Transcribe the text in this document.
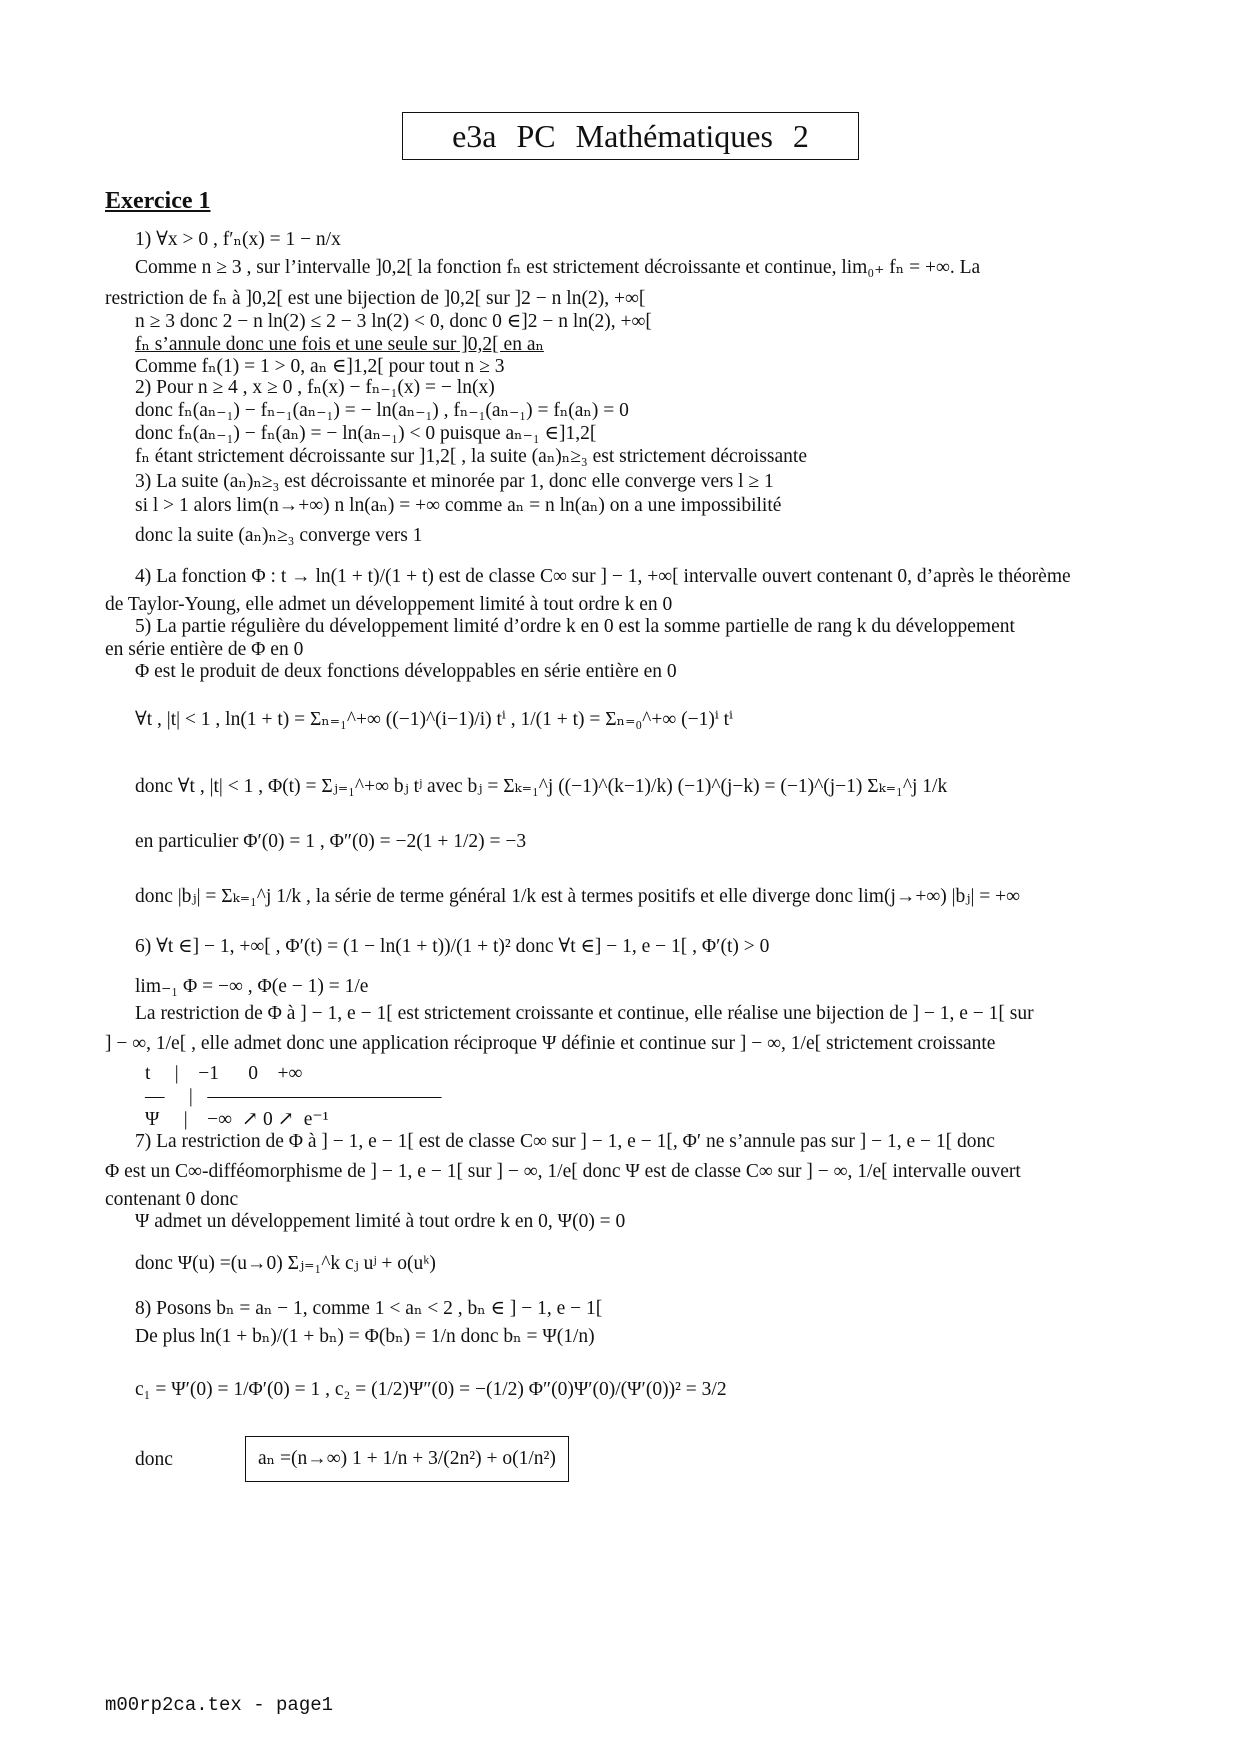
e3a PC Mathématiques 2
Exercice 1
1) ∀x > 0 , f′ₙ(x) = 1 − n/x
Comme n ≥ 3 , sur l’intervalle ]0,2[ la fonction fₙ est strictement décroissante et continue, lim₀₊ fₙ = +∞. La
restriction de fₙ à ]0,2[ est une bijection de ]0,2[ sur ]2 − n ln(2), +∞[
n ≥ 3 donc 2 − n ln(2) ≤ 2 − 3 ln(2) < 0, donc 0 ∈]2 − n ln(2), +∞[
fₙ s’annule donc une fois et une seule sur ]0,2[ en aₙ
Comme fₙ(1) = 1 > 0, aₙ ∈]1,2[ pour tout n ≥ 3
2) Pour n ≥ 4 , x ≥ 0 , fₙ(x) − fₙ₋₁(x) = − ln(x)
donc fₙ(aₙ₋₁) − fₙ₋₁(aₙ₋₁) = − ln(aₙ₋₁) , fₙ₋₁(aₙ₋₁) = fₙ(aₙ) = 0
donc fₙ(aₙ₋₁) − fₙ(aₙ) = − ln(aₙ₋₁) < 0 puisque aₙ₋₁ ∈]1,2[
fₙ étant strictement décroissante sur ]1,2[ , la suite (aₙ)ₙ≥₃ est strictement décroissante
3) La suite (aₙ)ₙ≥₃ est décroissante et minorée par 1, donc elle converge vers l ≥ 1
si l > 1 alors lim(n→+∞) n ln(aₙ) = +∞ comme aₙ = n ln(aₙ) on a une impossibilité
donc la suite (aₙ)ₙ≥₃ converge vers 1
4) La fonction Φ : t → ln(1 + t)/(1 + t) est de classe C∞ sur ] − 1, +∞[ intervalle ouvert contenant 0, d’après le théorème
de Taylor-Young, elle admet un développement limité à tout ordre k en 0
5) La partie régulière du développement limité d’ordre k en 0 est la somme partielle de rang k du développement
en série entière de Φ en 0
Φ est le produit de deux fonctions développables en série entière en 0
∀t , |t| < 1 , ln(1 + t) = Σₙ₌₁^+∞ ((−1)^(i−1)/i) tⁱ , 1/(1 + t) = Σₙ₌₀^+∞ (−1)ⁱ tⁱ
donc ∀t , |t| < 1 , Φ(t) = Σⱼ₌₁^+∞ bⱼ tʲ avec bⱼ = Σₖ₌₁^j ((−1)^(k−1)/k) (−1)^(j−k) = (−1)^(j−1) Σₖ₌₁^j 1/k
en particulier Φ′(0) = 1 , Φ″(0) = −2(1 + 1/2) = −3
donc |bⱼ| = Σₖ₌₁^j 1/k , la série de terme général 1/k est à termes positifs et elle diverge donc lim(j→+∞) |bⱼ| = +∞
6) ∀t ∈] − 1, +∞[ , Φ′(t) = (1 − ln(1 + t))/(1 + t)² donc ∀t ∈] − 1, e − 1[ , Φ′(t) > 0
lim₋₁ Φ = −∞ , Φ(e − 1) = 1/e
La restriction de Φ à ] − 1, e − 1[ est strictement croissante et continue, elle réalise une bijection de ] − 1, e − 1[ sur
] − ∞, 1/e[ , elle admet donc une application réciproque Ψ définie et continue sur ] − ∞, 1/e[ strictement croissante
t     |    −1      0    +∞
—     |   ————————————
Ψ     |    −∞  ↗ 0 ↗  e⁻¹
7) La restriction de Φ à ] − 1, e − 1[ est de classe C∞ sur ] − 1, e − 1[, Φ′ ne s’annule pas sur ] − 1, e − 1[ donc
Φ est un C∞-difféomorphisme de ] − 1, e − 1[ sur ] − ∞, 1/e[ donc Ψ est de classe C∞ sur ] − ∞, 1/e[ intervalle ouvert
contenant 0 donc
Ψ admet un développement limité à tout ordre k en 0, Ψ(0) = 0
donc Ψ(u) =(u→0) Σⱼ₌₁^k cⱼ uʲ + o(uᵏ)
8) Posons bₙ = aₙ − 1, comme 1 < aₙ < 2 , bₙ ∈ ] − 1, e − 1[
De plus ln(1 + bₙ)/(1 + bₙ) = Φ(bₙ) = 1/n donc bₙ = Ψ(1/n)
c₁ = Ψ′(0) = 1/Φ′(0) = 1 , c₂ = (1/2)Ψ″(0) = −(1/2) Φ″(0)Ψ′(0)/(Ψ′(0))² = 3/2
donc	aₙ =(n→∞) 1 + 1/n + 3/(2n²) + o(1/n²)
m00rp2ca.tex - page1
